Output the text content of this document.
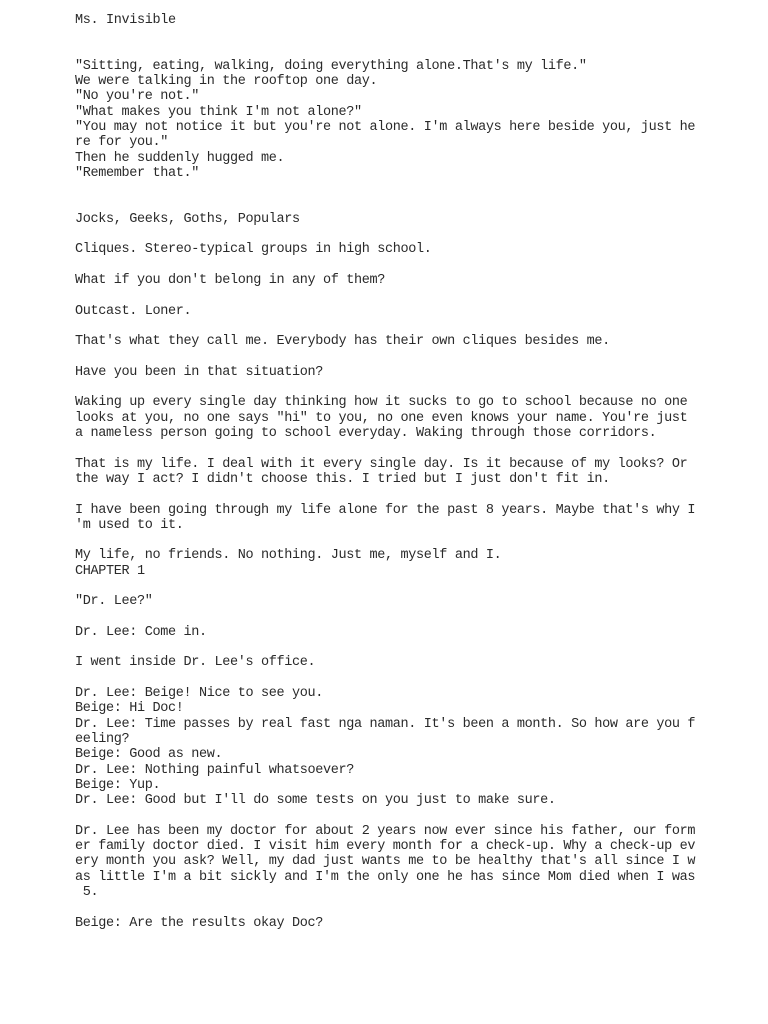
Ms. Invisible
"Sitting, eating, walking, doing everything alone.That's my life."
We were talking in the rooftop one day.
"No you're not."
"What makes you think I'm not alone?"
"You may not notice it but you're not alone. I'm always here beside you, just he
re for you."
Then he suddenly hugged me.
"Remember that."
Jocks, Geeks, Goths, Populars
Cliques. Stereo-typical groups in high school.
What if you don't belong in any of them?
Outcast. Loner.
That's what they call me. Everybody has their own cliques besides me.
Have you been in that situation?
Waking up every single day thinking how it sucks to go to school because no one
looks at you, no one says "hi" to you, no one even knows your name. You're just
a nameless person going to school everyday. Waking through those corridors.
That is my life. I deal with it every single day. Is it because of my looks? Or
the way I act? I didn't choose this. I tried but I just don't fit in.
I have been going through my life alone for the past 8 years. Maybe that's why I
'm used to it.
My life, no friends. No nothing. Just me, myself and I.
CHAPTER 1
"Dr. Lee?"
Dr. Lee: Come in.
I went inside Dr. Lee's office.
Dr. Lee: Beige! Nice to see you.
Beige: Hi Doc!
Dr. Lee: Time passes by real fast nga naman. It's been a month. So how are you f
eeling?
Beige: Good as new.
Dr. Lee: Nothing painful whatsoever?
Beige: Yup.
Dr. Lee: Good but I'll do some tests on you just to make sure.
Dr. Lee has been my doctor for about 2 years now ever since his father, our form
er family doctor died. I visit him every month for a check-up. Why a check-up ev
ery month you ask? Well, my dad just wants me to be healthy that's all since I w
as little I'm a bit sickly and I'm the only one he has since Mom died when I was
5.
Beige: Are the results okay Doc?
